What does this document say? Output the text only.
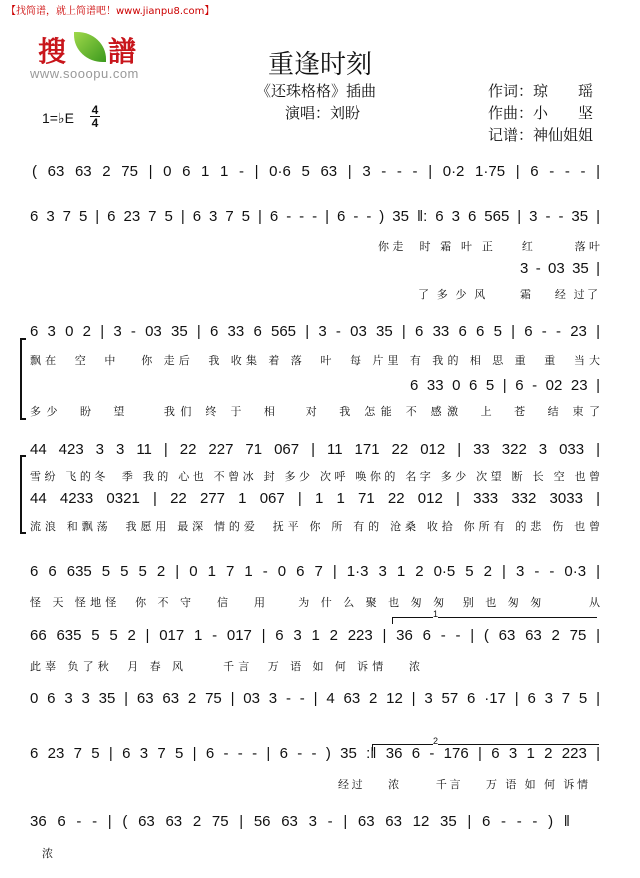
【找简谱，就上简谱吧！www.jianpu8.com】
搜 譜
www.sooopu.com	重逢时刻
《还珠格格》插曲
演唱：刘盼
作词：琼　　瑶
作曲：小　　坚
记谱：神仙姐姐
1=♭E 4
4
( 63 63 2 75 | 0 6 1 1 - | 0·6 5 63 | 3 - - - | 0·2 1·75 | 6 - - - |
6 3 7 5 | 6 23 7 5 | 6 3 7 5 | 6 - - - | 6 - - ) 35 ‖: 6 3 6 565 | 3 - - 35 |
你走  时 霜 叶 正    红      落叶
3 - 03 35 |
了 多 少 风      霜    经 过了
6 3 0 2 | 3 - 03 35 | 6 33 6 565 | 3 - 03 35 | 6 33 6 6 5 | 6 - - 23 |
飘在  空  中   你 走后  我 收集 着 落  叶  每 片里 有 我的 相 思 重  重  当大
6 33 0 6 5 | 6 - 02 23 |
多少  盼  望    我们 终 于  相   对  我 怎能 不 感激  上  苍  结 束了
44 423 3 3 11 | 22 227 71 067 | 11 171 22 012 | 33 322 3 033 |
雪纷 飞的冬  季 我的 心也 不曾冰 封 多少 次呼 唤你的 名字 多少 次望 断 长 空 也曾
44 4233 0321 | 22 277 1 067 | 1 1 71 22 012 | 333 332 3033 |
流浪 和飘荡  我愿用 最深 情的爱  抚平 你 所 有的 沧桑 收拾 你所有 的悲 伤 也曾
6 6 635 5 5 5 2 | 0 1 7 1 - 0 6 7 | 1·3 3 1 2 0·5 5 2 | 3 - - 0·3 |
怪 天 怪地怪  你 不 守   信   用    为 什 么 聚 也 匆 匆  别 也 匆 匆      从
1
66 635 5 5 2 | 017 1 - 017 | 6 3 1 2 223 | 36 6 - - | ( 63 63 2 75 |
此辜 负了秋  月 春 风     千言  万 语 如 何 诉情   浓
0 6 3 3 35 | 63 63 2 75 | 03 3 - - | 4 63 2 12 | 3 57 6 ·17 | 6 3 7 5 |
2
6 23 7 5 | 6 3 7 5 | 6 - - - | 6 - - ) 35 :‖ 36 6 - 176 | 6 3 1 2 223 |
经过    浓      千言    万 语 如 何 诉情
36 6 - - | ( 63 63 2 75 | 56 63 3 - | 63 63 12 35 | 6 - - - ) ‖
浓
